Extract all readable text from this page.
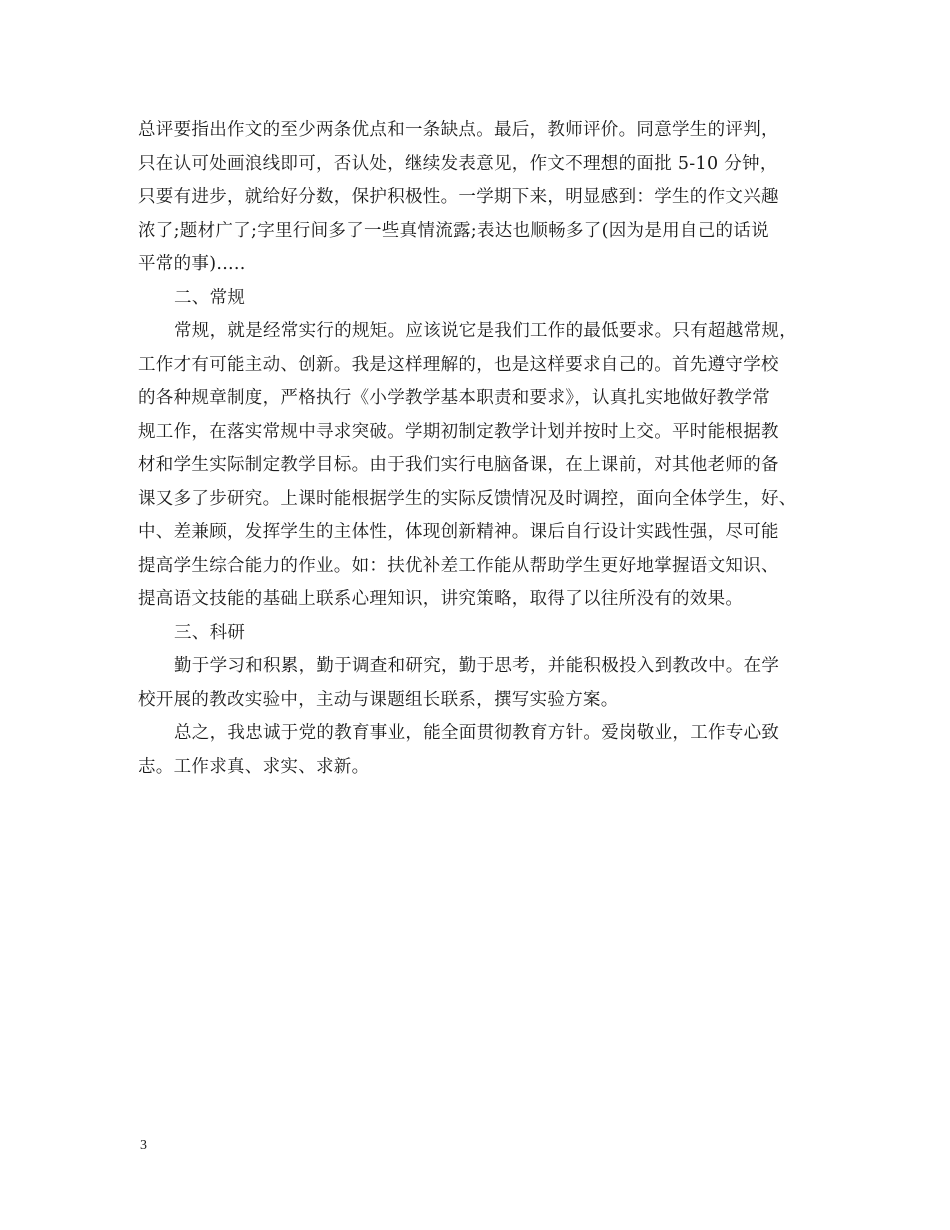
总评要指出作文的至少两条优点和一条缺点。最后，教师评价。同意学生的评判，
只在认可处画浪线即可，否认处，继续发表意见，作文不理想的面批 5-10 分钟，
只要有进步，就给好分数，保护积极性。一学期下来，明显感到：学生的作文兴趣
浓了;题材广了;字里行间多了一些真情流露;表达也顺畅多了(因为是用自己的话说
平常的事).....
二、常规
常规，就是经常实行的规矩。应该说它是我们工作的最低要求。只有超越常规，
工作才有可能主动、创新。我是这样理解的，也是这样要求自己的。首先遵守学校
的各种规章制度，严格执行《小学教学基本职责和要求》，认真扎实地做好教学常
规工作，在落实常规中寻求突破。学期初制定教学计划并按时上交。平时能根据教
材和学生实际制定教学目标。由于我们实行电脑备课，在上课前，对其他老师的备
课又多了步研究。上课时能根据学生的实际反馈情况及时调控，面向全体学生，好、
中、差兼顾，发挥学生的主体性，体现创新精神。课后自行设计实践性强，尽可能
提高学生综合能力的作业。如：扶优补差工作能从帮助学生更好地掌握语文知识、
提高语文技能的基础上联系心理知识，讲究策略，取得了以往所没有的效果。
三、科研
勤于学习和积累，勤于调查和研究，勤于思考，并能积极投入到教改中。在学
校开展的教改实验中，主动与课题组长联系，撰写实验方案。
总之，我忠诚于党的教育事业，能全面贯彻教育方针。爱岗敬业，工作专心致
志。工作求真、求实、求新。
3
